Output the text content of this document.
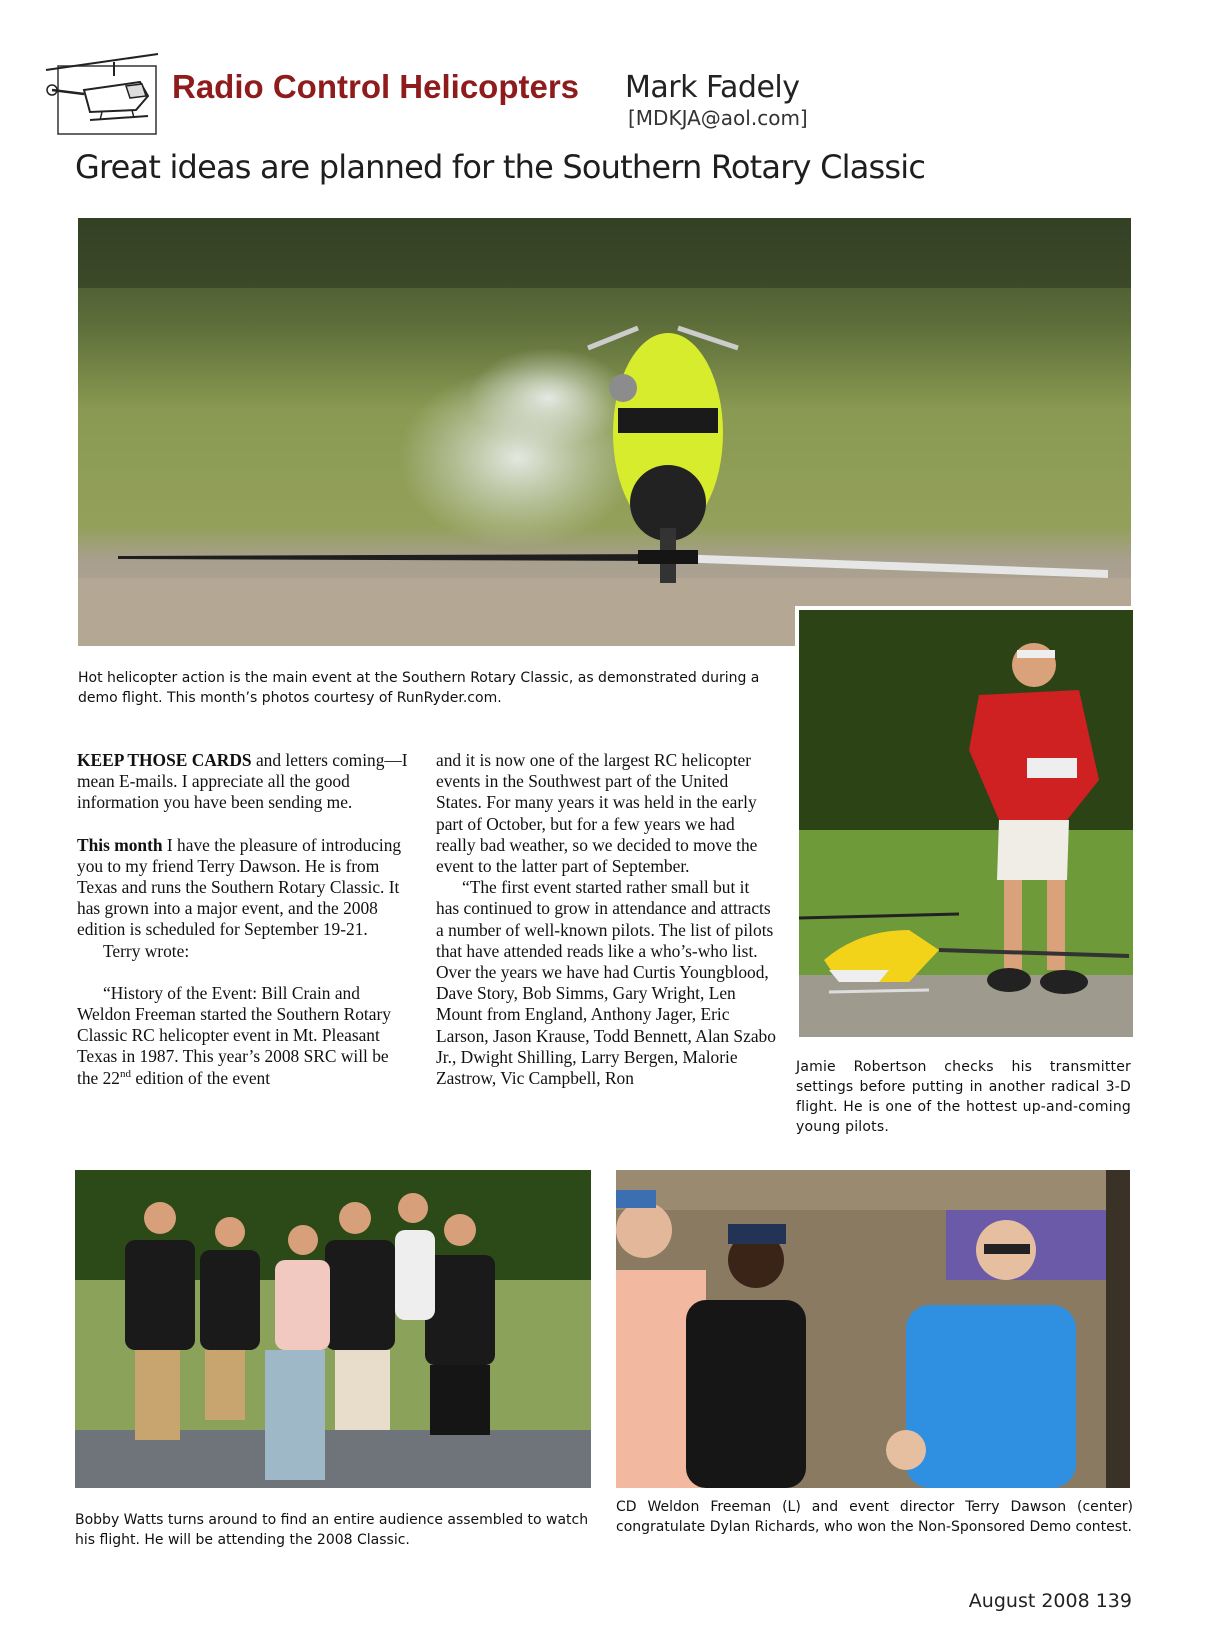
Radio Control Helicopters Mark Fadely
[MDKJA@aol.com]
Great ideas are planned for the Southern Rotary Classic
Hot helicopter action is the main event at the Southern Rotary Classic, as demonstrated during a demo flight. This month’s photos courtesy of RunRyder.com.
Jamie Robertson checks his transmitter settings before putting in another radical 3-D flight. He is one of the hottest up-and-coming young pilots.
Bobby Watts turns around to find an entire audience assembled to watch his flight. He will be attending the 2008 Classic.
CD Weldon Freeman (L) and event director Terry Dawson (center) congratulate Dylan Richards, who won the Non-Sponsored Demo contest.

KEEP THOSE CARDS and letters coming—I mean E-mails. I appreciate all the good information you have been sending me.

This month I have the pleasure of introducing you to my friend Terry Dawson. He is from Texas and runs the Southern Rotary Classic. It has grown into a major event, and the 2008 edition is scheduled for September 19-21.

Terry wrote:

“History of the Event: Bill Crain and Weldon Freeman started the Southern Rotary Classic RC helicopter event in Mt. Pleasant Texas in 1987. This year’s 2008 SRC will be the 22nd edition of the event

and it is now one of the largest RC helicopter events in the Southwest part of the United States. For many years it was held in the early part of October, but for a few years we had really bad weather, so we decided to move the event to the latter part of September.

“The first event started rather small but it has continued to grow in attendance and attracts a number of well-known pilots. The list of pilots that have attended reads like a who’s-who list. Over the years we have had Curtis Youngblood, Dave Story, Bob Simms, Gary Wright, Len Mount from England, Anthony Jager, Eric Larson, Jason Krause, Todd Bennett, Alan Szabo Jr., Dwight Shilling, Larry Bergen, Malorie Zastrow, Vic Campbell, Ron

August 2008 139
